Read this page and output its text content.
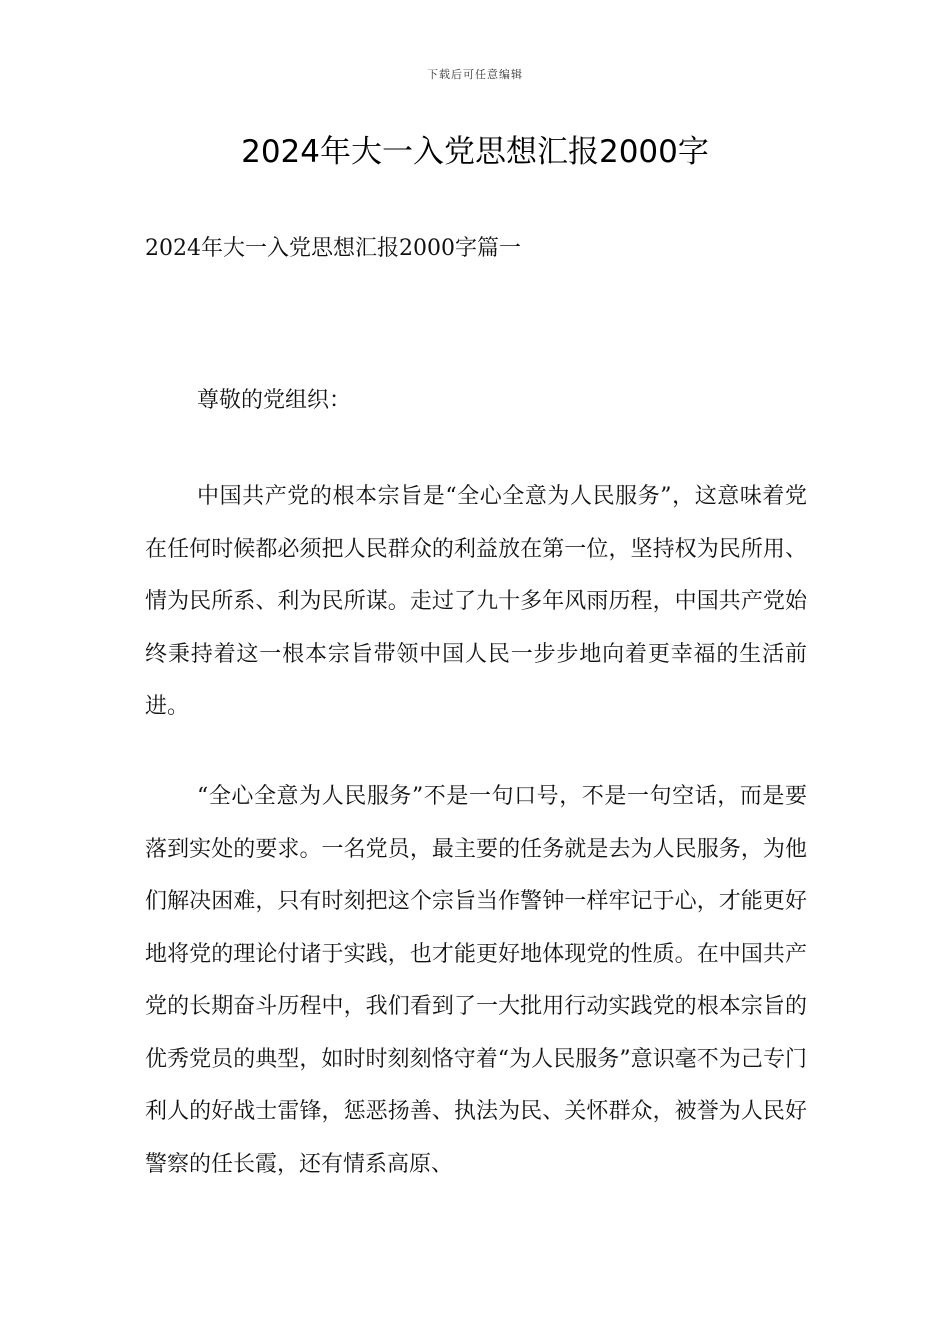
下载后可任意编辑
2024年大一入党思想汇报2000字
2024年大一入党思想汇报2000字篇一

尊敬的党组织：

中国共产党的根本宗旨是“全心全意为人民服务”，这意味着党在任何时候都必须把人民群众的利益放在第一位，坚持权为民所用、情为民所系、利为民所谋。走过了九十多年风雨历程，中国共产党始终秉持着这一根本宗旨带领中国人民一步步地向着更幸福的生活前进。

“全心全意为人民服务”不是一句口号，不是一句空话，而是要落到实处的要求。一名党员，最主要的任务就是去为人民服务，为他们解决困难，只有时刻把这个宗旨当作警钟一样牢记于心，才能更好地将党的理论付诸于实践，也才能更好地体现党的性质。在中国共产党的长期奋斗历程中，我们看到了一大批用行动实践党的根本宗旨的优秀党员的典型，如时时刻刻恪守着“为人民服务”意识毫不为己专门利人的好战士雷锋，惩恶扬善、执法为民、关怀群众，被誉为人民好警察的任长霞，还有情系高原、
